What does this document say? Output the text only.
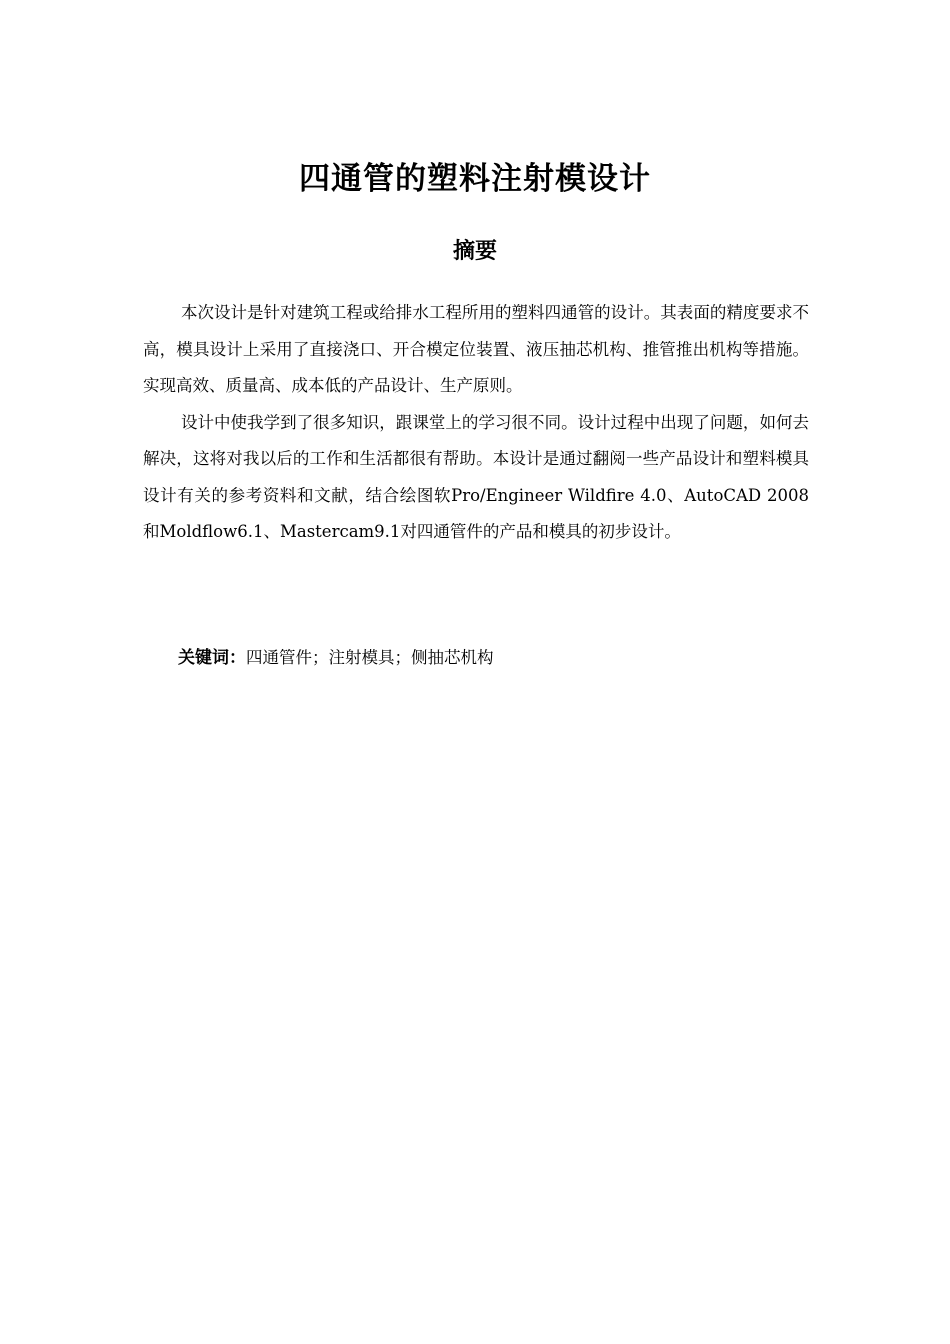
四通管的塑料注射模设计
摘要

本次设计是针对建筑工程或给排水工程所用的塑料四通管的设计。其表面的精度要求不高，模具设计上采用了直接浇口、开合模定位装置、液压抽芯机构、推管推出机构等措施。实现高效、质量高、成本低的产品设计、生产原则。

设计中使我学到了很多知识，跟课堂上的学习很不同。设计过程中出现了问题，如何去解决，这将对我以后的工作和生活都很有帮助。本设计是通过翻阅一些产品设计和塑料模具设计有关的参考资料和文献，结合绘图软Pro/Engineer Wildfire 4.0、AutoCAD 2008和Moldflow6.1、Mastercam9.1对四通管件的产品和模具的初步设计。

关键词：四通管件；注射模具；侧抽芯机构
